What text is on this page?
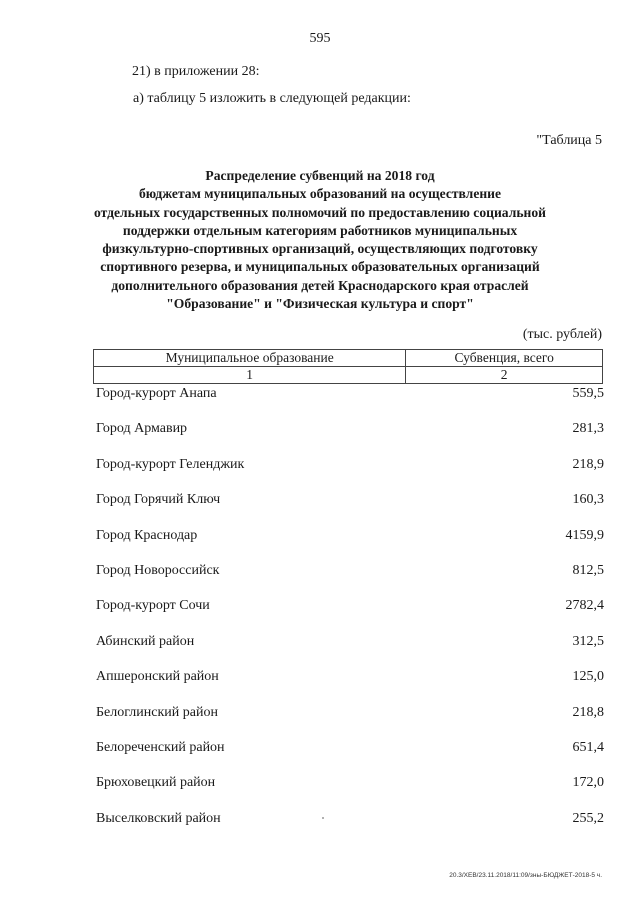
595
21) в приложении 28:
а) таблицу 5 изложить в следующей редакции:
"Таблица 5
Распределение субвенций на 2018 год
бюджетам муниципальных образований на осуществление
отдельных государственных полномочий по предоставлению социальной
поддержки отдельным категориям работников муниципальных
физкультурно-спортивных организаций, осуществляющих подготовку
спортивного резерва, и муниципальных образовательных организаций
дополнительного образования детей Краснодарского края отраслей
"Образование" и "Физическая культура и спорт"
(тыс. рублей)
Муниципальное образование	Субвенция, всего
1	2
Город-курорт Анапа	559,5
Город Армавир	281,3
Город-курорт Геленджик	218,9
Город Горячий Ключ	160,3
Город Краснодар	4159,9
Город Новороссийск	812,5
Город-курорт Сочи	2782,4
Абинский район	312,5
Апшеронский район	125,0
Белоглинский район	218,8
Белореченский район	651,4
Брюховецкий район	172,0
Выселковский район	255,2
20.3/XEB/23.11.2018/11:09/зны-БЮДЖЕТ-2018-5 ч.
